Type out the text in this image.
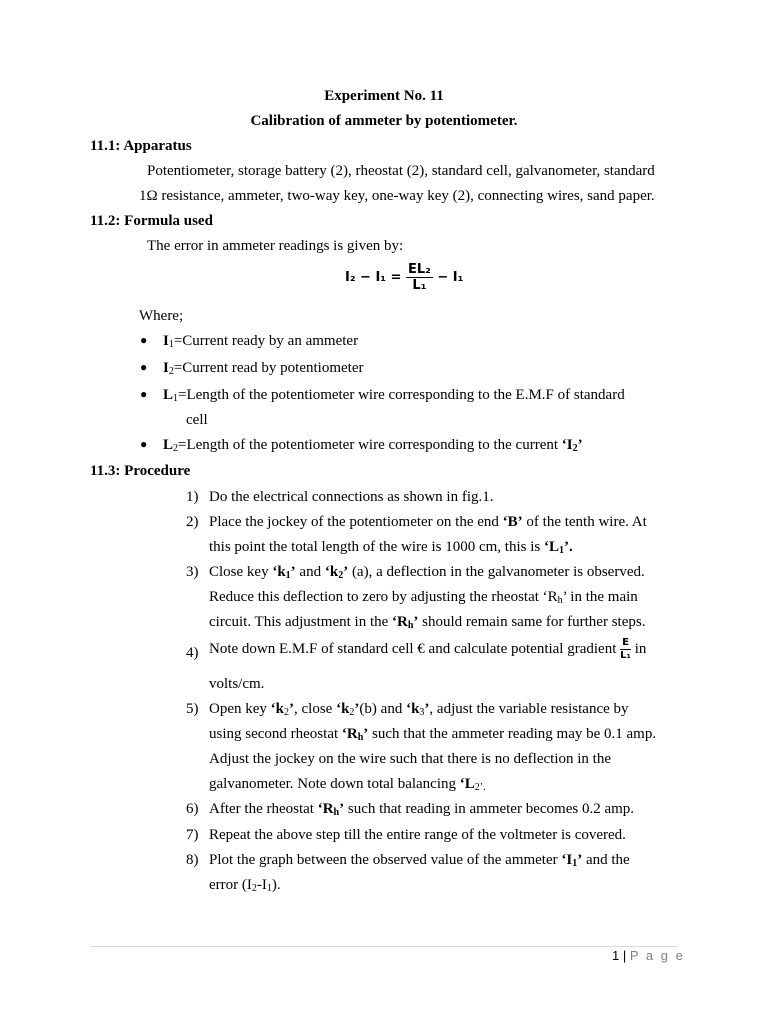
Experiment No. 11
Calibration of ammeter by potentiometer.
11.1: Apparatus
Potentiometer, storage battery (2), rheostat (2), standard cell, galvanometer, standard
1Ω resistance, ammeter, two-way key, one-way key (2), connecting wires, sand paper.
11.2: Formula used
The error in ammeter readings is given by:
$I_2 - I_1 = \frac{\text{EL₂}}{\text{L₁}} - I_1$
Where;
● $I_1=Current$ ready by an ammeter
● $I_2=Current$ read by potentiometer
● $L_1=Length$ of the potentiometer wire corresponding to the E.M.F of standard
cell
● $L_2=Length$ of the potentiometer wire corresponding to the current ‘$I_2$’
11.3: Procedure
1) Do the electrical connections as shown in fig.1.
2) Place the jockey of the potentiometer on the end ‘B’ of the tenth wire. At
this point the total length of the wire is 1000 cm, this is ‘$L_1$’.
3) Close key ‘$k_1$’ and ‘$k_2$’ (a), a deflection in the galvanometer is observed.
Reduce this deflection to zero by adjusting the rheostat ‘$R_h$’ in the main
circuit. This adjustment in the ‘$R_h$’ should remain same for further steps.
4) Note down E.M.F of standard cell € and calculate potential gradient $\frac{E}{\text{L₁}}$ in
volts/cm.
5) Open key ‘$k_2$’, close ‘$k_2’(b)$ and ‘$k_3$’, adjust the variable resistance by
using second rheostat ‘$R_h$’ such that the ammeter reading may be 0.1 amp.
Adjust the jockey on the wire such that there is no deflection in the
galvanometer. Note down total balancing ‘$L_{2’.}$
6) After the rheostat ‘$R_h$’ such that reading in ammeter becomes 0.2 amp.
7) Repeat the above step till the entire range of the voltmeter is covered.
8) Plot the graph between the observed value of the ammeter ‘$I_1$’ and the
error $(I_2-I_1)$.
1 | P a g e
